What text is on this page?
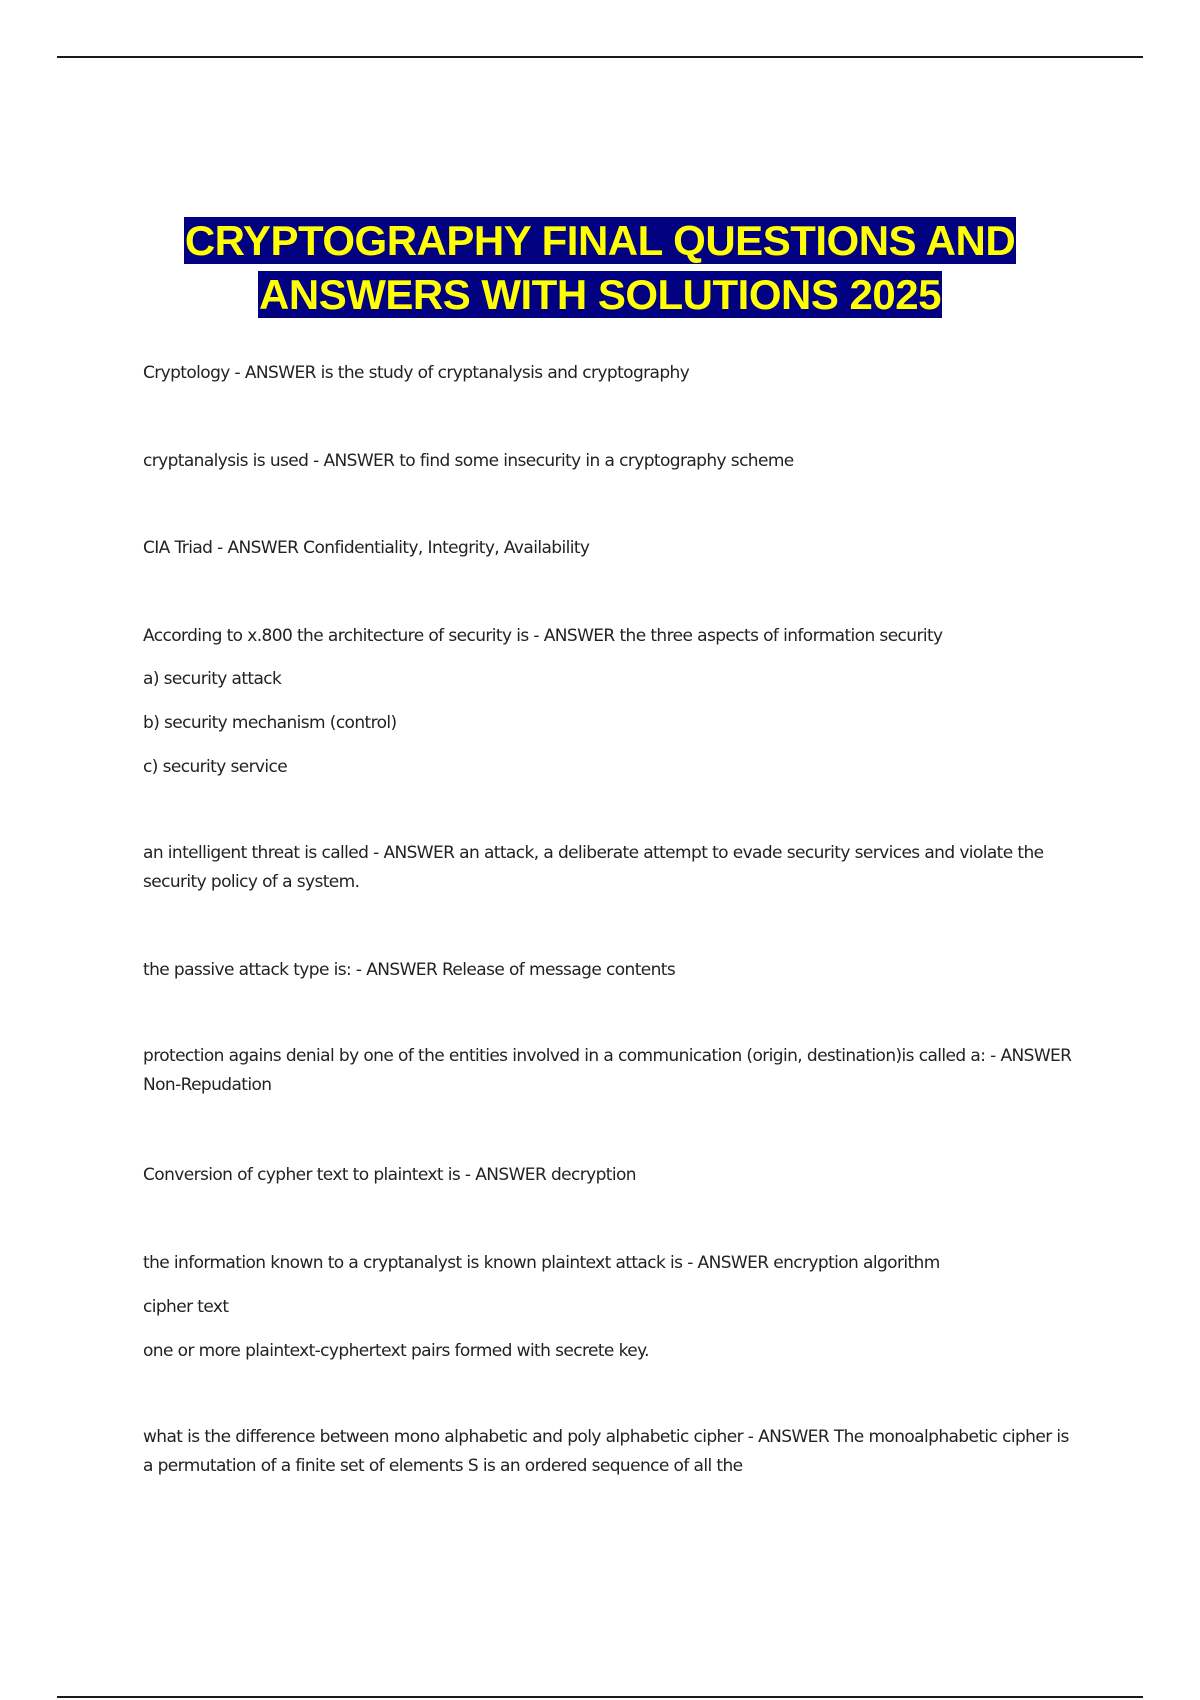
CRYPTOGRAPHY FINAL QUESTIONS AND
ANSWERS WITH SOLUTIONS 2025
Cryptology - ANSWER is the study of cryptanalysis and cryptography
cryptanalysis is used - ANSWER to find some insecurity in a cryptography scheme
CIA Triad - ANSWER Confidentiality, Integrity, Availability
According to x.800 the architecture of security is - ANSWER the three aspects of information security
a) security attack
b) security mechanism (control)
c) security service
an intelligent threat is called - ANSWER an attack, a deliberate attempt to evade security services and violate the security policy of a system.
the passive attack type is: - ANSWER Release of message contents
protection agains denial by one of the entities involved in a communication (origin, destination)is called a: - ANSWER Non-Repudation
Conversion of cypher text to plaintext is - ANSWER decryption
the information known to a cryptanalyst is known plaintext attack is - ANSWER encryption algorithm
cipher text
one or more plaintext-cyphertext pairs formed with secrete key.
what is the difference between mono alphabetic and poly alphabetic cipher - ANSWER The monoalphabetic cipher is a permutation of a finite set of elements S is an ordered sequence of all the
